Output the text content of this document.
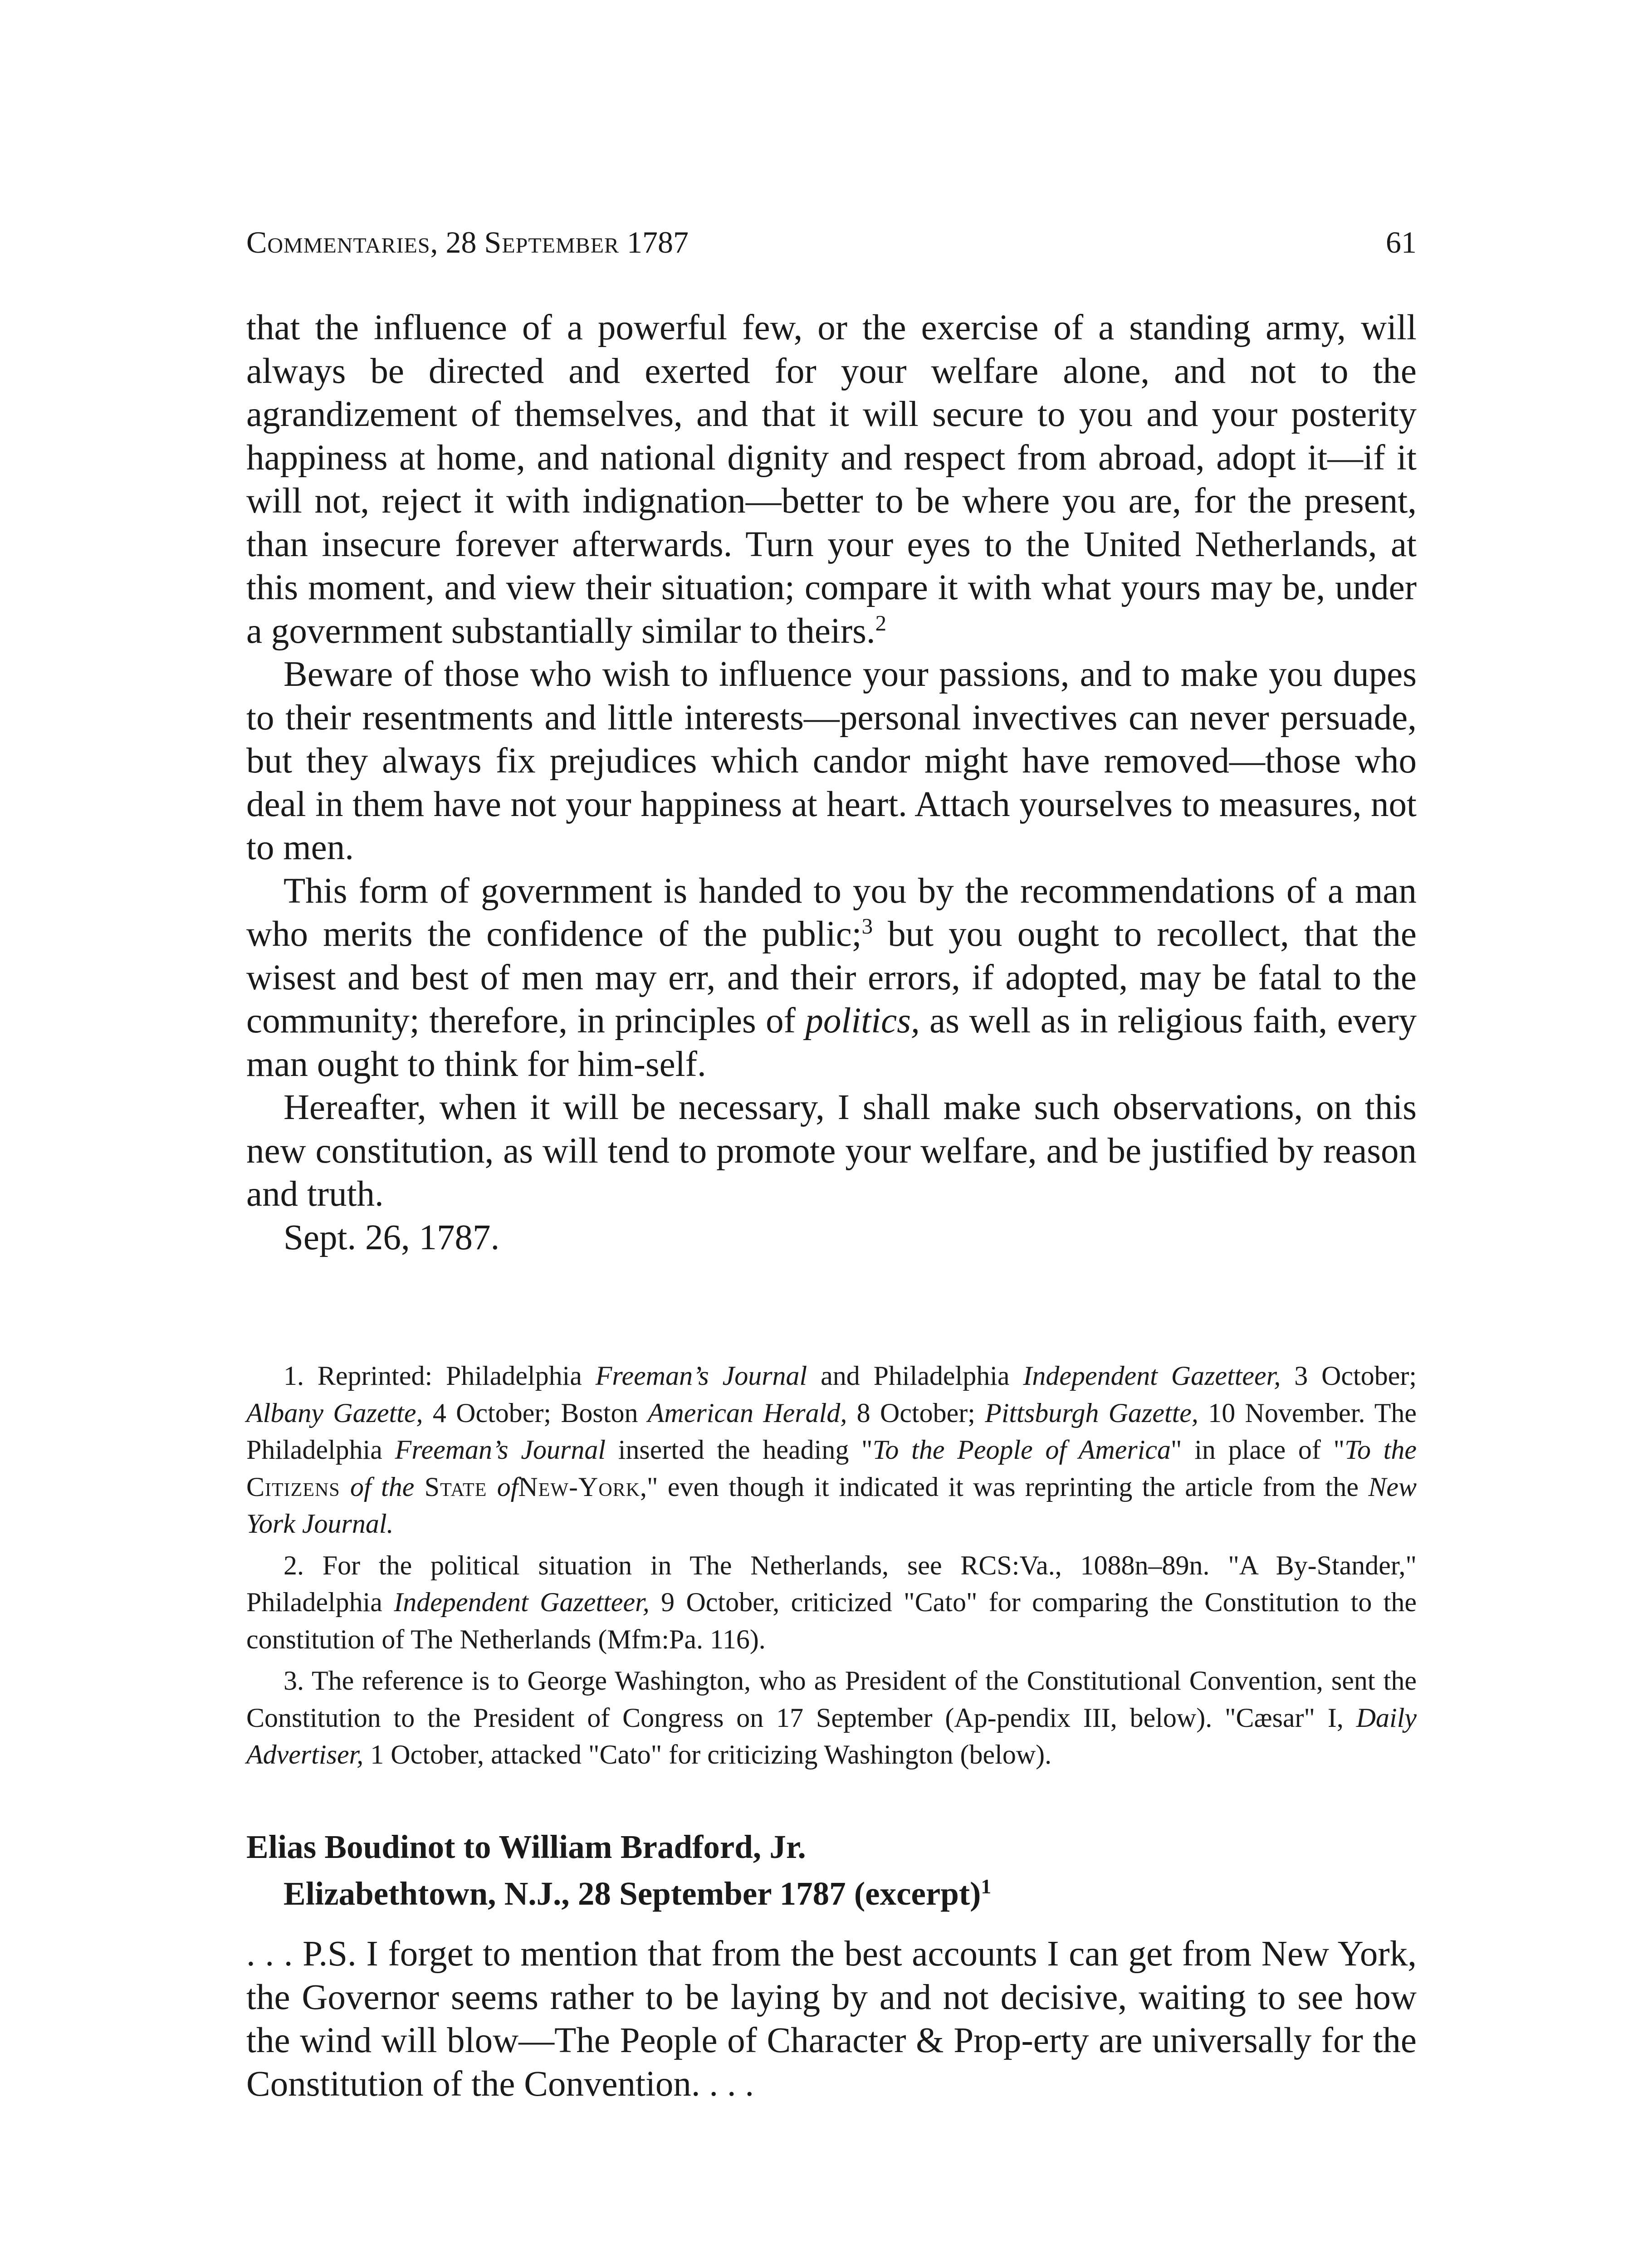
Commentaries, 28 September 1787	61

that the influence of a powerful few, or the exercise of a standing army, will always be directed and exerted for your welfare alone, and not to the agrandizement of themselves, and that it will secure to you and your posterity happiness at home, and national dignity and respect from abroad, adopt it—if it will not, reject it with indignation—better to be where you are, for the present, than insecure forever afterwards. Turn your eyes to the United Netherlands, at this moment, and view their situation; compare it with what yours may be, under a government substantially similar to theirs.$^2$

Beware of those who wish to influence your passions, and to make you dupes to their resentments and little interests—personal invectives can never persuade, but they always fix prejudices which candor might have removed—those who deal in them have not your happiness at heart. Attach yourselves to measures, not to men.

This form of government is handed to you by the recommendations of a man who merits the confidence of the public;$^3$ but you ought to recollect, that the wisest and best of men may err, and their errors, if adopted, may be fatal to the community; therefore, in principles of politics, as well as in religious faith, every man ought to think for him-self.

Hereafter, when it will be necessary, I shall make such observations, on this new constitution, as will tend to promote your welfare, and be justified by reason and truth.

Sept. 26, 1787.

1. Reprinted: Philadelphia Freeman’s Journal and Philadelphia Independent Gazetteer, 3 October; Albany Gazette, 4 October; Boston American Herald, 8 October; Pittsburgh Gazette, 10 November. The Philadelphia Freeman’s Journal inserted the heading "To the People of America" in place of "To the Citizens of the State ofNew-York," even though it indicated it was reprinting the article from the New York Journal.

2. For the political situation in The Netherlands, see RCS:Va., 1088n–89n. "A By-Stander," Philadelphia Independent Gazetteer, 9 October, criticized "Cato" for comparing the Constitution to the constitution of The Netherlands (Mfm:Pa. 116).

3. The reference is to George Washington, who as President of the Constitutional Convention, sent the Constitution to the President of Congress on 17 September (Ap-pendix III, below). "Cæsar" I, Daily Advertiser, 1 October, attacked "Cato" for criticizing Washington (below).

Elias Boudinot to William Bradford, Jr.
Elizabethtown, N.J., 28 September 1787 (excerpt)$^1$

. . . P.S. I forget to mention that from the best accounts I can get from New York, the Governor seems rather to be laying by and not decisive, waiting to see how the wind will blow—The People of Character & Prop-erty are universally for the Constitution of the Convention. . . .
